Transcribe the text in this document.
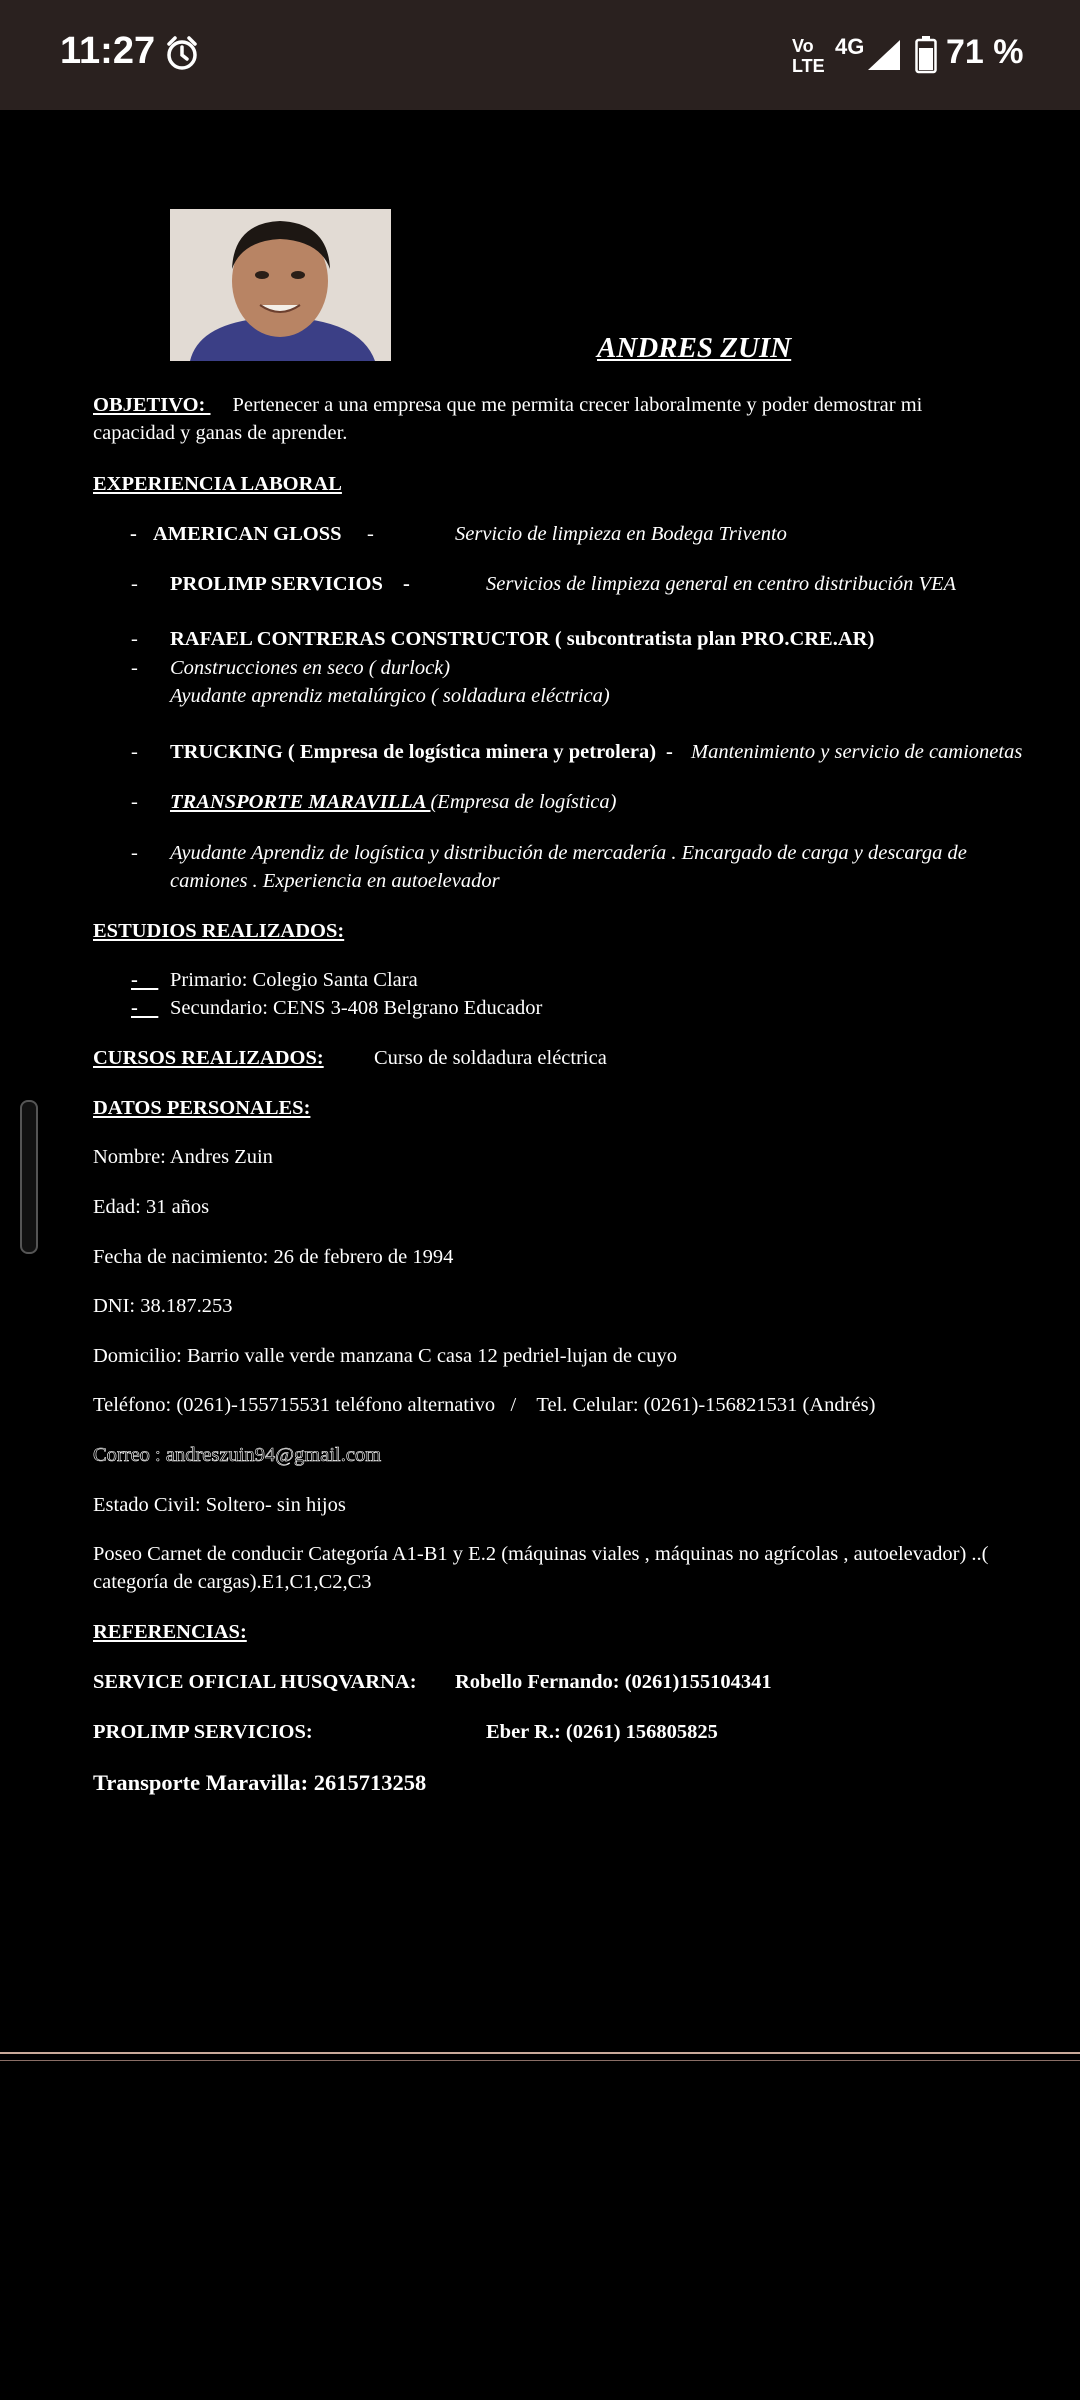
11:27	Vo
LTE
4G 71 %
ANDRES ZUIN
OBJETIVO: Pertenecer a una empresa que me permita crecer laboralmente y poder demostrar mi
capacidad y ganas de aprender.
EXPERIENCIA LABORAL
- AMERICAN GLOSS -	Servicio de limpieza en Bodega Trivento
- PROLIMP SERVICIOS -	Servicios de limpieza general en centro distribución VEA
- RAFAEL CONTRERAS CONSTRUCTOR ( subcontratista plan PRO.CRE.AR)
- Construcciones en seco ( durlock)
Ayudante aprendiz metalúrgico ( soldadura eléctrica)
- TRUCKING ( Empresa de logística minera y petrolera) - Mantenimiento y servicio de camionetas
- TRANSPORTE MARAVILLA (Empresa de logística)
- Ayudante Aprendiz de logística y distribución de mercadería . Encargado de carga y descarga de
camiones . Experiencia en autoelevador
ESTUDIOS REALIZADOS:
- Primario: Colegio Santa Clara
- Secundario: CENS 3-408 Belgrano Educador
CURSOS REALIZADOS: Curso de soldadura eléctrica
DATOS PERSONALES:
Nombre: Andres Zuin
Edad: 31 años
Fecha de nacimiento: 26 de febrero de 1994
DNI: 38.187.253
Domicilio: Barrio valle verde manzana C casa 12 pedriel-lujan de cuyo
Teléfono: (0261)-155715531 teléfono alternativo   /    Tel. Celular: (0261)-156821531 (Andrés)
Correo : andreszuin94@gmail.com
Estado Civil: Soltero- sin hijos
Poseo Carnet de conducir Categoría A1-B1 y E.2 (máquinas viales , máquinas no agrícolas , autoelevador) ..(
categoría de cargas).E1,C1,C2,C3
REFERENCIAS:
SERVICE OFICIAL HUSQVARNA: Robello Fernando: (0261)155104341
PROLIMP SERVICIOS:	Eber R.: (0261) 156805825
Transporte Maravilla: 2615713258
